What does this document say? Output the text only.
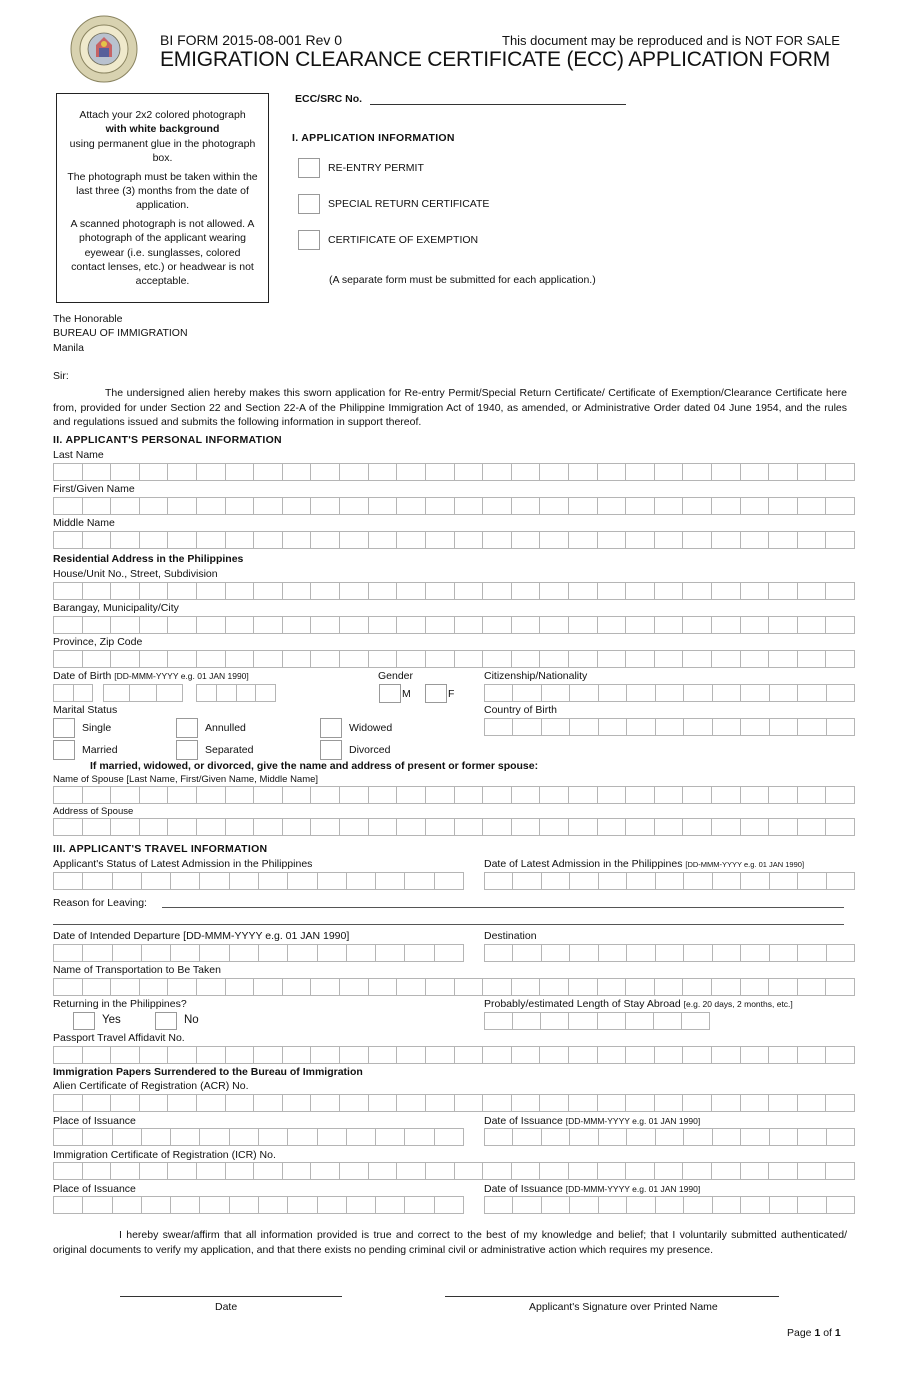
BI FORM 2015-08-001 Rev 0	This document may be reproduced and is NOT FOR SALE
EMIGRATION CLEARANCE CERTIFICATE (ECC) APPLICATION FORM

Attach your 2x2 colored photograph
with white background
using permanent glue in the photograph box.

The photograph must be taken within the last three (3) months from the date of application.

A scanned photograph is not allowed. A photograph of the applicant wearing eyewear (i.e. sunglasses, colored contact lenses, etc.) or headwear is not acceptable.

ECC/SRC No.
I. APPLICATION INFORMATION
RE-ENTRY PERMIT
SPECIAL RETURN CERTIFICATE
CERTIFICATE OF EXEMPTION
(A separate form must be submitted for each application.)
The Honorable
BUREAU OF IMMIGRATION
Manila
Sir:
The undersigned alien hereby makes this sworn application for Re-entry Permit/Special Return Certificate/ Certificate of Exemption/Clearance Certificate here from, provided for under Section 22 and Section 22-A of the Philippine Immigration Act of 1940, as amended, or Administrative Order dated 04 June 1954, and the rules and regulations issued and submits the following information in support thereof.
II. APPLICANT'S PERSONAL INFORMATION
Last Name
First/Given Name
Middle Name
Residential Address in the Philippines
House/Unit No., Street, Subdivision
Barangay, Municipality/City
Province, Zip Code
Date of Birth [DD-MMM-YYYY e.g. 01 JAN 1990]	Gender
M	F
Citizenship/Nationality
Marital Status	Country of Birth
Single	Annulled	Widowed
Married	Separated	Divorced
If married, widowed, or divorced, give the name and address of present or former spouse:
Name of Spouse [Last Name, First/Given Name, Middle Name]
Address of Spouse
III. APPLICANT'S TRAVEL INFORMATION
Applicant's Status of Latest Admission in the Philippines	Date of Latest Admission in the Philippines [DD-MMM-YYYY e.g. 01 JAN 1990]
Reason for Leaving:
Date of Intended Departure [DD-MMM-YYYY e.g. 01 JAN 1990]	Destination
Name of Transportation to Be Taken
Returning in the Philippines?
Yes	No
Probably/estimated Length of Stay Abroad [e.g. 20 days, 2 months, etc.]
Passport Travel Affidavit No.
Immigration Papers Surrendered to the Bureau of Immigration
Alien Certificate of Registration (ACR) No.
Place of Issuance	Date of Issuance [DD-MMM-YYYY e.g. 01 JAN 1990]
Immigration Certificate of Registration (ICR) No.
Place of Issuance	Date of Issuance [DD-MMM-YYYY e.g. 01 JAN 1990]
I hereby swear/affirm that all information provided is true and correct to the best of my knowledge and belief; that I voluntarily submitted authenticated/ original documents to verify my application, and that there exists no pending criminal civil or administrative action which requires my presence.
Date	Applicant's Signature over Printed Name
Page 1 of 1
